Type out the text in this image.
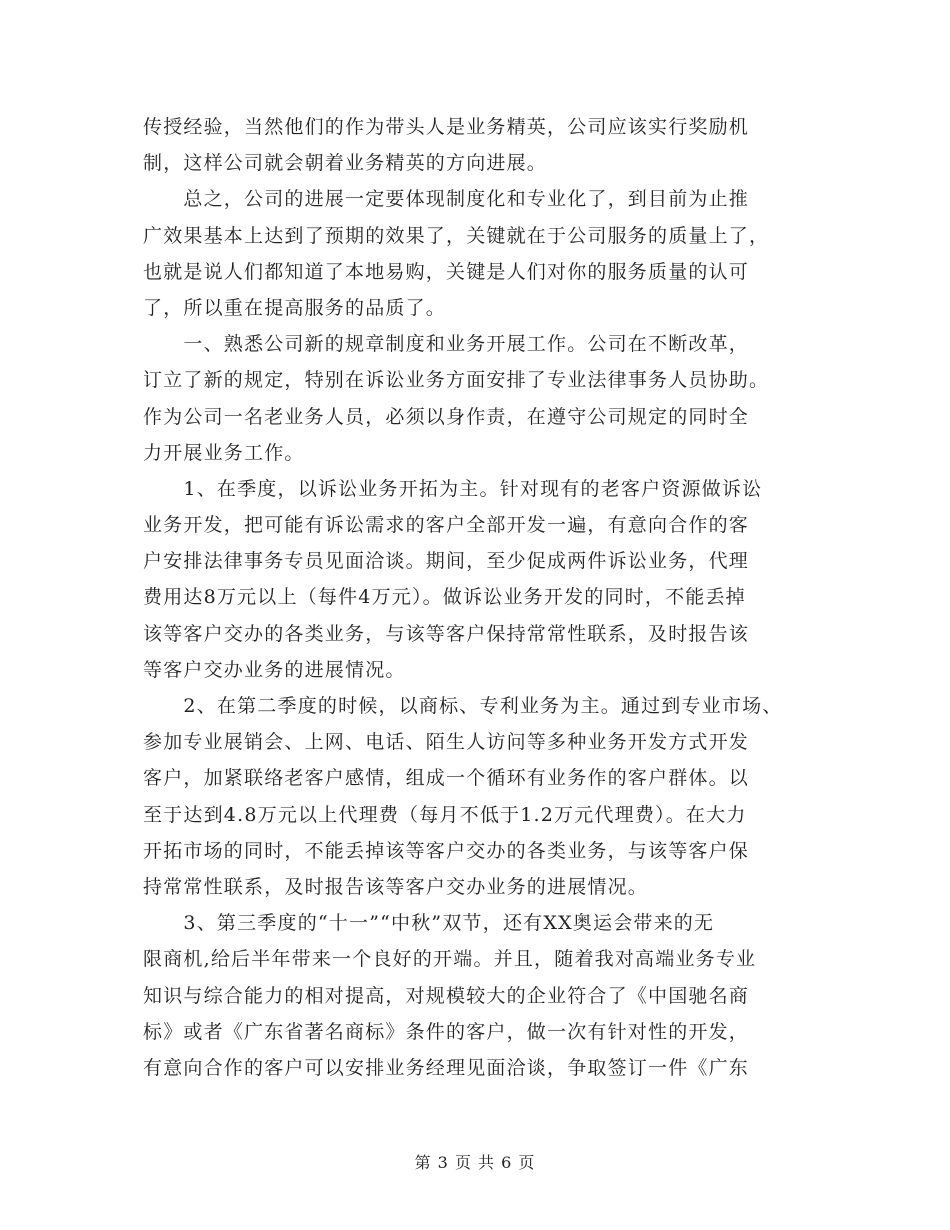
传授经验，当然他们的作为带头人是业务精英，公司应该实行奖励机
制，这样公司就会朝着业务精英的方向进展。
　　总之，公司的进展一定要体现制度化和专业化了，到目前为止推
广效果基本上达到了预期的效果了，关键就在于公司服务的质量上了，
也就是说人们都知道了本地易购，关键是人们对你的服务质量的认可
了，所以重在提高服务的品质了。
　　一、熟悉公司新的规章制度和业务开展工作。公司在不断改革，
订立了新的规定，特别在诉讼业务方面安排了专业法律事务人员协助。
作为公司一名老业务人员，必须以身作责，在遵守公司规定的同时全
力开展业务工作。
　　1、在季度，以诉讼业务开拓为主。针对现有的老客户资源做诉讼
业务开发，把可能有诉讼需求的客户全部开发一遍，有意向合作的客
户安排法律事务专员见面洽谈。期间，至少促成两件诉讼业务，代理
费用达8万元以上（每件4万元）。做诉讼业务开发的同时，不能丢掉
该等客户交办的各类业务，与该等客户保持常常性联系，及时报告该
等客户交办业务的进展情况。
　　2、在第二季度的时候，以商标、专利业务为主。通过到专业市场、
参加专业展销会、上网、电话、陌生人访问等多种业务开发方式开发
客户，加紧联络老客户感情，组成一个循环有业务作的客户群体。以
至于达到4.8万元以上代理费（每月不低于1.2万元代理费）。在大力
开拓市场的同时，不能丢掉该等客户交办的各类业务，与该等客户保
持常常性联系，及时报告该等客户交办业务的进展情况。
　　3、第三季度的“十一”“中秋”双节，还有XX奥运会带来的无
限商机,给后半年带来一个良好的开端。并且，随着我对高端业务专业
知识与综合能力的相对提高，对规模较大的企业符合了《中国驰名商
标》或者《广东省著名商标》条件的客户，做一次有针对性的开发，
有意向合作的客户可以安排业务经理见面洽谈，争取签订一件《广东
第 3 页 共 6 页
